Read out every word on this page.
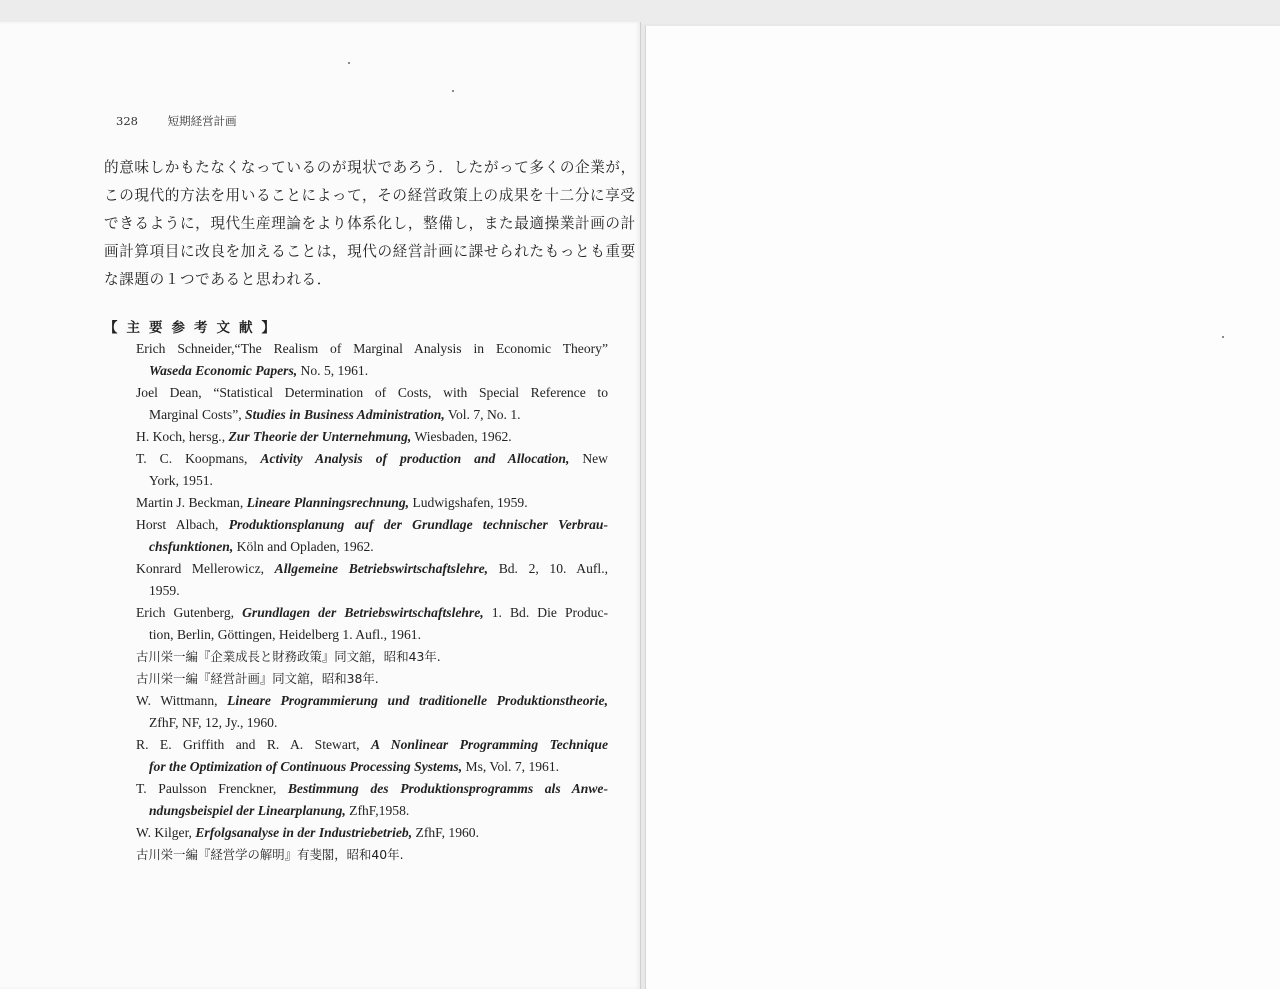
328	短期経営計画
的意味しかもたなくなっているのが現状であろう．したがって多くの企業が，
この現代的方法を用いることによって，その経営政策上の成果を十二分に享受
できるように，現代生産理論をより体系化し，整備し，また最適操業計画の計
画計算項目に改良を加えることは，現代の経営計画に課せられたもっとも重要
な課題の１つであると思われる．
【主要参考文献】
Erich Schneider,“The Realism of Marginal Analysis in Economic Theory”
Waseda Economic Papers, No. 5, 1961.
Joel Dean, “Statistical Determination of Costs, with Special Reference to
Marginal Costs”, Studies in Business Administration, Vol. 7, No. 1.
H. Koch, hersg., Zur Theorie der Unternehmung, Wiesbaden, 1962.
T. C. Koopmans, Activity Analysis of production and Allocation, New
York, 1951.
Martin J. Beckman, Lineare Planningsrechnung, Ludwigshafen, 1959.
Horst Albach, Produktionsplanung auf der Grundlage technischer Verbrau-
chsfunktionen, Köln and Opladen, 1962.
Konrard Mellerowicz, Allgemeine Betriebswirtschaftslehre, Bd. 2, 10. Aufl.,
1959.
Erich Gutenberg, Grundlagen der Betriebswirtschaftslehre, 1. Bd. Die Produc-
tion, Berlin, Göttingen, Heidelberg 1. Aufl., 1961.
古川栄一編『企業成長と財務政策』同文舘，昭和43年.
古川栄一編『経営計画』同文舘，昭和38年.
W. Wittmann, Lineare Programmierung und traditionelle Produktionstheorie,
ZfhF, NF, 12, Jy., 1960.
R. E. Griffith and R. A. Stewart, A Nonlinear Programming Technique
for the Optimization of Continuous Processing Systems, Ms, Vol. 7, 1961.
T. Paulsson Frenckner, Bestimmung des Produktionsprogramms als Anwe-
ndungsbeispiel der Linearplanung, ZfhF,1958.
W. Kilger, Erfolgsanalyse in der Industriebetrieb, ZfhF, 1960.
古川栄一編『経営学の解明』有斐閣，昭和40年.
